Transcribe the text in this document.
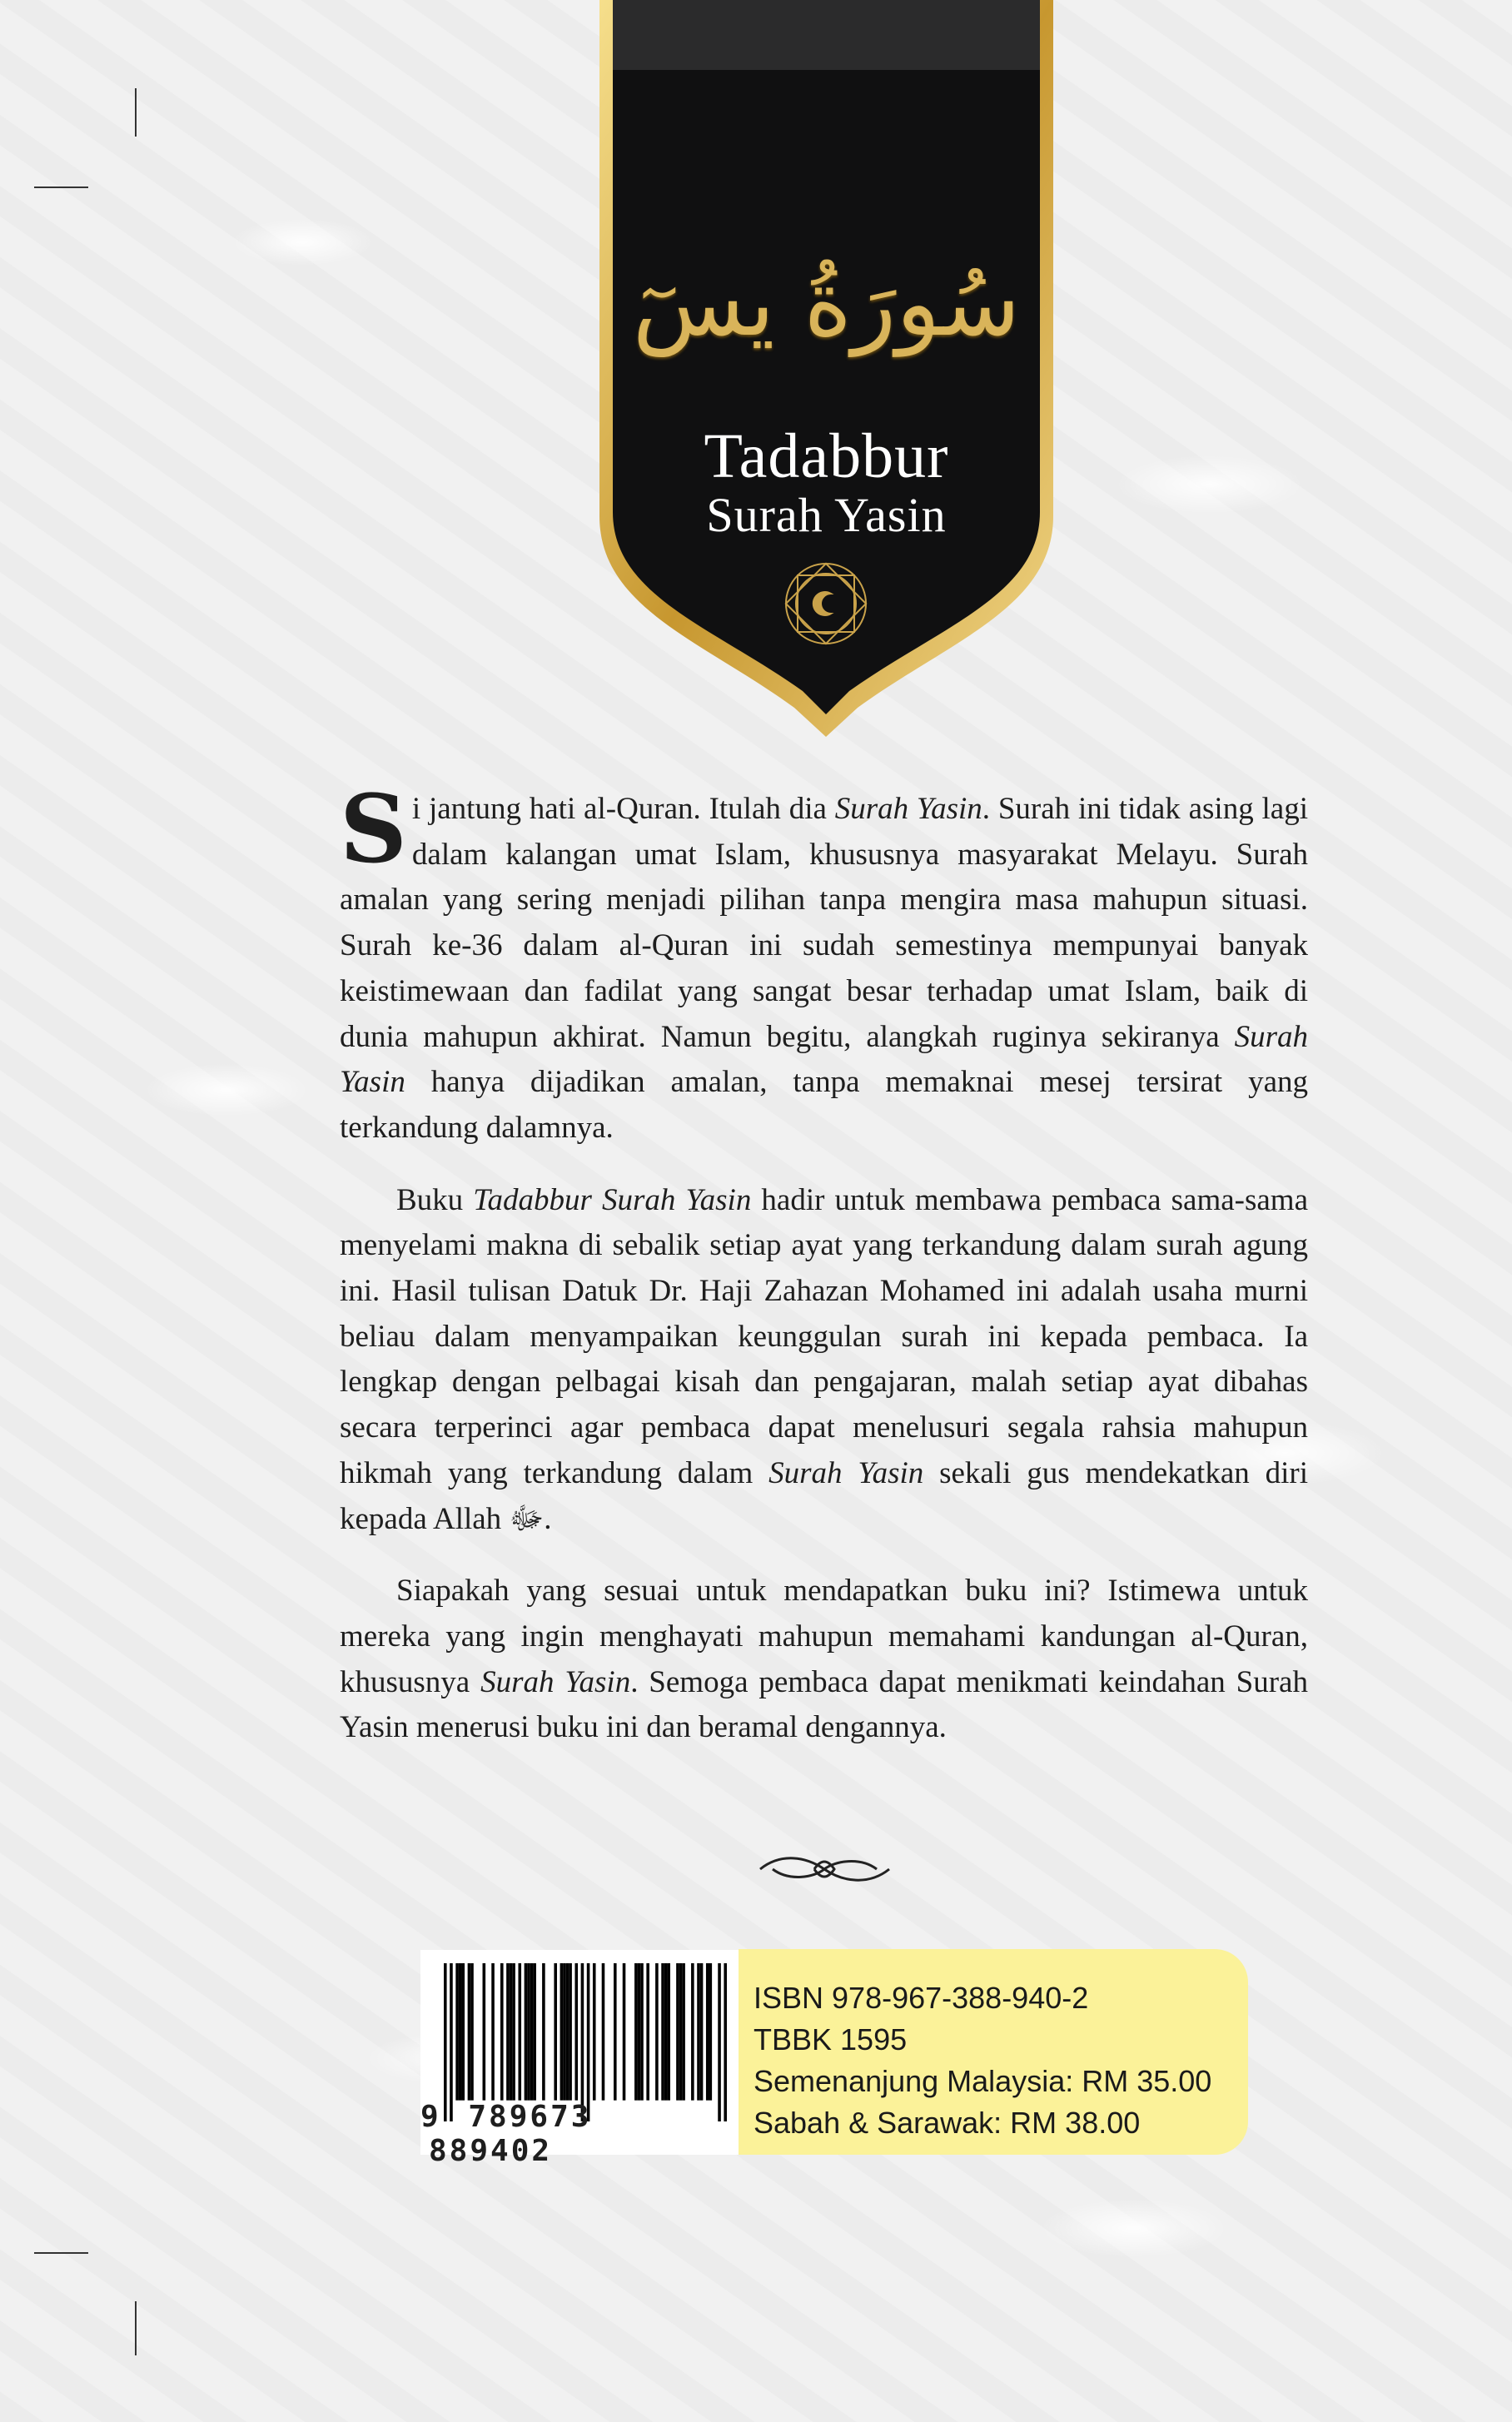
سُورَةُ يسٓ
Tadabbur
Surah Yasin

Si jantung hati al-Quran. Itulah dia Surah Yasin. Surah ini tidak asing lagi dalam kalangan umat Islam, khususnya masyarakat Melayu. Surah amalan yang sering menjadi pilihan tanpa mengira masa mahupun situasi. Surah ke-36 dalam al-Quran ini sudah semestinya mempunyai banyak keistimewaan dan fadilat yang sangat besar terhadap umat Islam, baik di dunia mahupun akhirat. Namun begitu, alangkah ruginya sekiranya Surah Yasin hanya dijadikan amalan, tanpa memaknai mesej tersirat yang terkandung dalamnya.

Buku Tadabbur Surah Yasin hadir untuk membawa pembaca sama-sama menyelami makna di sebalik setiap ayat yang terkandung dalam surah agung ini. Hasil tulisan Datuk Dr. Haji Zahazan Mohamed ini adalah usaha murni beliau dalam menyampaikan keunggulan surah ini kepada pembaca. Ia lengkap dengan pelbagai kisah dan pengajaran, malah setiap ayat dibahas secara terperinci agar pembaca dapat menelusuri segala rahsia mahupun hikmah yang terkandung dalam Surah Yasin sekali gus mendekatkan diri kepada Allah ﷻ.

Siapakah yang sesuai untuk mendapatkan buku ini? Istimewa untuk mereka yang ingin menghayati mahupun memahami kandungan al-Quran, khususnya Surah Yasin. Semoga pembaca dapat menikmati keindahan Surah Yasin menerusi buku ini dan beramal dengannya.

9 789673 889402
ISBN 978-967-388-940-2
TBBK 1595
Semenanjung Malaysia: RM 35.00
Sabah & Sarawak: RM 38.00
